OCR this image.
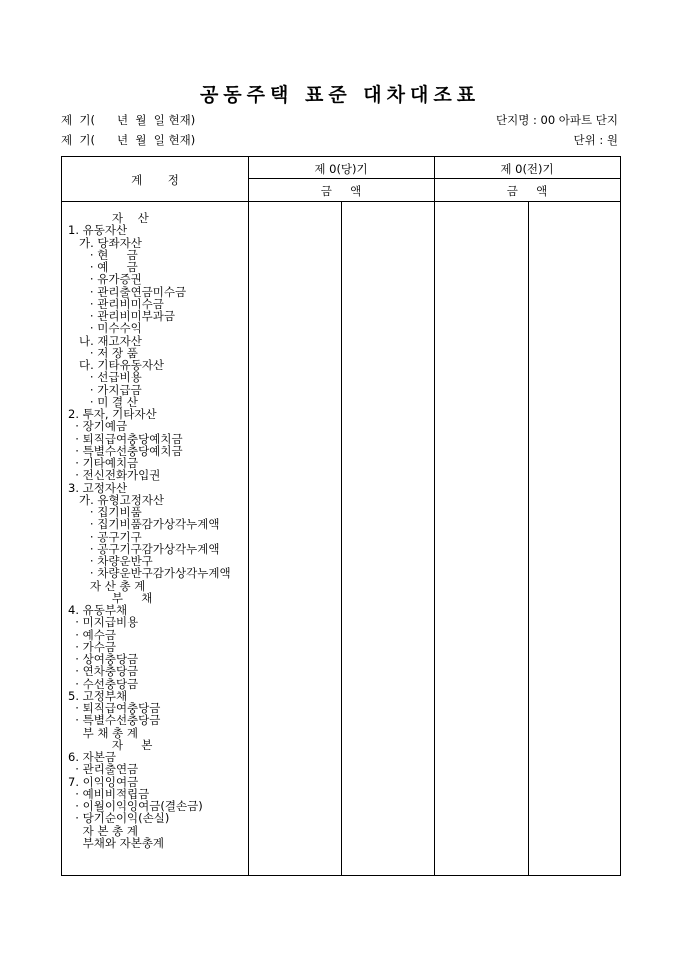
공동주택 표준 대차대조표
제  기(      년  월  일 현재)
제  기(      년  월  일 현재)
단지명 : 00 아파트 단지
단위 : 원
계       정
제 0(당)기	제 0(전)기
금     액	금     액
자    산
1. 유동자산
가. 당좌자산
· 현     금
· 예     금
· 유가증권
· 관리출연금미수금
· 관리비미수금
· 관리비미부과금
· 미수수익
나. 재고자산
· 저 장 품
다. 기타유동자산
· 선급비용
· 가지급금
· 미 결 산
2. 투자, 기타자산
· 장기예금
· 퇴직급여충당예치금
· 특별수선충당예치금
· 기타예치금
· 전신전화가입권
3. 고정자산
가. 유형고정자산
· 집기비품
· 집기비품감가상각누계액
· 공구기구
· 공구기구감가상각누계액
· 차량운반구
· 차량운반구감가상각누계액
자 산 총 계
부     채
4. 유동부채
· 미지급비용
· 예수금
· 가수금
· 상여충당금
· 연차충당금
· 수선충당금
5. 고정부채
· 퇴직급여충당금
· 특별수선충당금
부 채 총 계
자     본
6. 자본금
· 관리출연금
7. 이익잉여금
· 예비비적립금
· 이월이익잉여금(결손금)
· 당기순이익(손실)
자 본 총 계
부채와 자본총계
